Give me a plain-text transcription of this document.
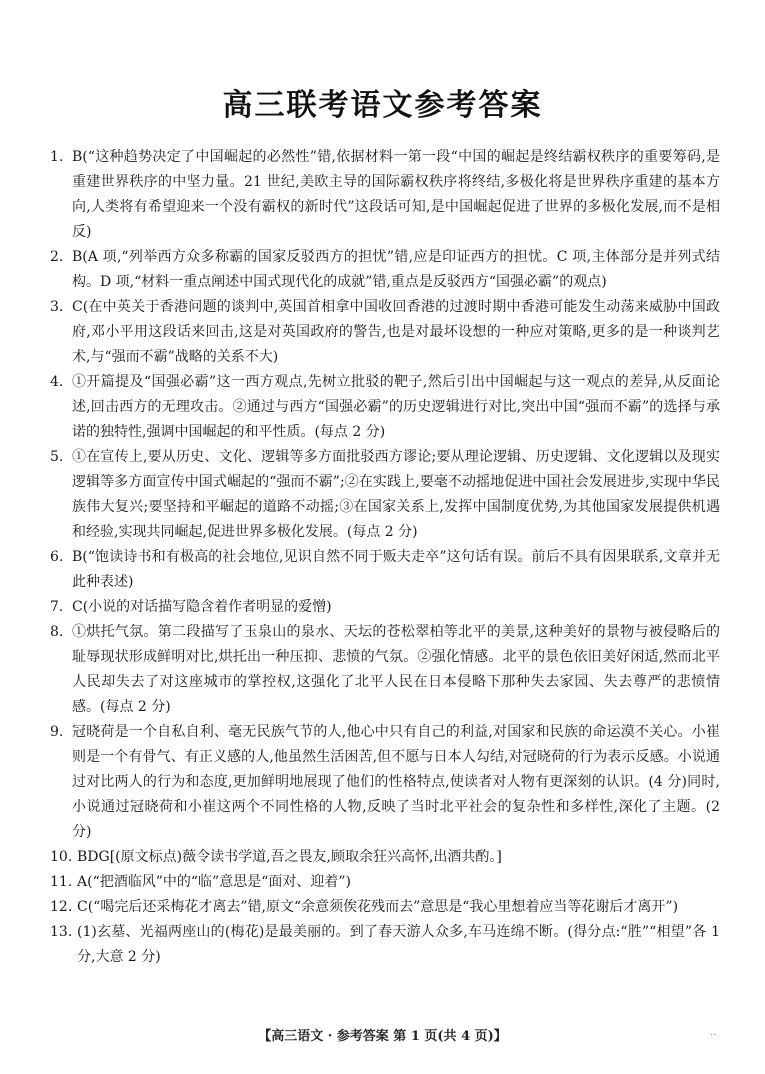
高三联考语文参考答案
1. B(“这种趋势决定了中国崛起的必然性”错,依据材料一第一段“中国的崛起是终结霸权秩序的重要筹码,是重建世界秩序的中坚力量。21 世纪,美欧主导的国际霸权秩序将终结,多极化将是世界秩序重建的基本方向,人类将有希望迎来一个没有霸权的新时代”这段话可知,是中国崛起促进了世界的多极化发展,而不是相反)
2. B(A 项,“列举西方众多称霸的国家反驳西方的担忧”错,应是印证西方的担忧。C 项,主体部分是并列式结构。D 项,“材料一重点阐述中国式现代化的成就”错,重点是反驳西方“国强必霸”的观点)
3. C(在中英关于香港问题的谈判中,英国首相拿中国收回香港的过渡时期中香港可能发生动荡来威胁中国政府,邓小平用这段话来回击,这是对英国政府的警告,也是对最坏设想的一种应对策略,更多的是一种谈判艺术,与“强而不霸”战略的关系不大)
4. ①开篇提及“国强必霸”这一西方观点,先树立批驳的靶子,然后引出中国崛起与这一观点的差异,从反面论述,回击西方的无理攻击。②通过与西方“国强必霸”的历史逻辑进行对比,突出中国“强而不霸”的选择与承诺的独特性,强调中国崛起的和平性质。(每点 2 分)
5. ①在宣传上,要从历史、文化、逻辑等多方面批驳西方谬论;要从理论逻辑、历史逻辑、文化逻辑以及现实逻辑等多方面宣传中国式崛起的“强而不霸”;②在实践上,要毫不动摇地促进中国社会发展进步,实现中华民族伟大复兴;要坚持和平崛起的道路不动摇;③在国家关系上,发挥中国制度优势,为其他国家发展提供机遇和经验,实现共同崛起,促进世界多极化发展。(每点 2 分)
6. B(“饱读诗书和有极高的社会地位,见识自然不同于贩夫走卒”这句话有误。前后不具有因果联系,文章并无此种表述)
7. C(小说的对话描写隐含着作者明显的爱憎)
8. ①烘托气氛。第二段描写了玉泉山的泉水、天坛的苍松翠柏等北平的美景,这种美好的景物与被侵略后的耻辱现状形成鲜明对比,烘托出一种压抑、悲愤的气氛。②强化情感。北平的景色依旧美好闲适,然而北平人民却失去了对这座城市的掌控权,这强化了北平人民在日本侵略下那种失去家园、失去尊严的悲愤情感。(每点 2 分)
9. 冠晓荷是一个自私自利、毫无民族气节的人,他心中只有自己的利益,对国家和民族的命运漠不关心。小崔则是一个有骨气、有正义感的人,他虽然生活困苦,但不愿与日本人勾结,对冠晓荷的行为表示反感。小说通过对比两人的行为和态度,更加鲜明地展现了他们的性格特点,使读者对人物有更深刻的认识。(4 分)同时,小说通过冠晓荷和小崔这两个不同性格的人物,反映了当时北平社会的复杂性和多样性,深化了主题。(2 分)
10. BDG[(原文标点)薇令读书学道,吾之畏友,顾取余狂兴高怀,出酒共酌。]
11. A(“把酒临风”中的“临”意思是“面对、迎着”)
12. C(“喝完后还采梅花才离去”错,原文“余意须俟花残而去”意思是“我心里想着应当等花谢后才离开”)
13. (1)玄墓、光福两座山的(梅花)是最美丽的。到了春天游人众多,车马连绵不断。(得分点:“胜”“相望”各 1 分,大意 2 分)
【高三语文 · 参考答案 第 1 页(共 4 页)】	‥
